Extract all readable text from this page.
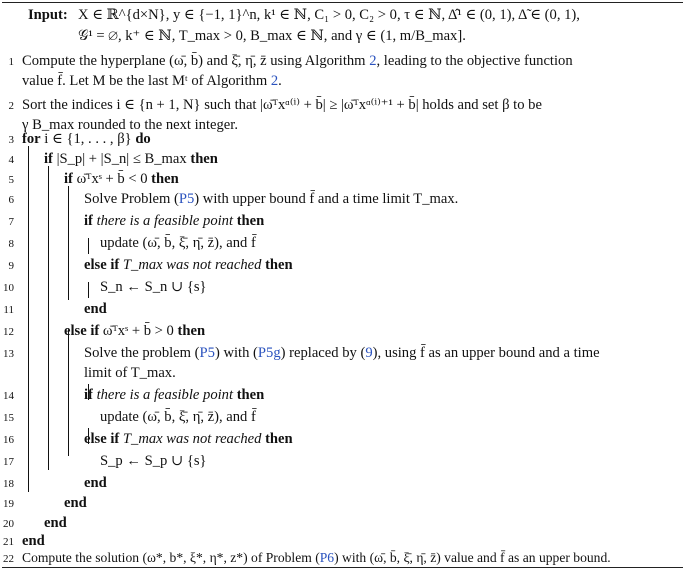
Input: X ∈ ℝ^{d×N}, y ∈ {−1, 1}^n, k¹ ∈ ℕ, C₁ > 0, C₂ > 0, τ ∈ ℕ, Δ̂¹ ∈ (0, 1), Δ̃ ∈ (0, 1),
𝒢¹ = ∅, k⁺ ∈ ℕ, T_max > 0, B_max ∈ ℕ, and γ ∈ (1, m/B_max].
1 Compute the hyperplane (ω̄, b̄) and ξ̄, η̄, z̄ using Algorithm 2, leading to the objective function
value f̄. Let M be the last Mᵗ of Algorithm 2.
2 Sort the indices i ∈ {n + 1, N} such that |ω̄ᵀxᵅ⁽ⁱ⁾ + b̄| ≥ |ω̄ᵀxᵅ⁽ⁱ⁾⁺¹ + b̄| holds and set β to be
γ B_max rounded to the next integer.
3 for i ∈ {1, . . . , β} do
4 if |S_p| + |S_n| ≤ B_max then
5	if ω̄ᵀxˢ + b̄ < 0 then
6	Solve Problem (P5) with upper bound f̄ and a time limit T_max.
7	if there is a feasible point then
8	update (ω̄, b̄, ξ̄, η̄, z̄), and f̄
9	else if T_max was not reached then
10	S_n ← S_n ∪ {s}
11	end
12	else if ω̄ᵀxˢ + b̄ > 0 then
13	Solve the problem (P5) with (P5g) replaced by (9), using f̄ as an upper bound and a time
limit of T_max.
14	if there is a feasible point then
15	update (ω̄, b̄, ξ̄, η̄, z̄), and f̄
16	else if T_max was not reached then
17	S_p ← S_p ∪ {s}
18	end
19	end
20 end
21 end
22 Compute the solution (ω*, b*, ξ*, η*, z*) of Problem (P6) with (ω̄, b̄, ξ̄, η̄, z̄) value and f̄ as an upper bound.
